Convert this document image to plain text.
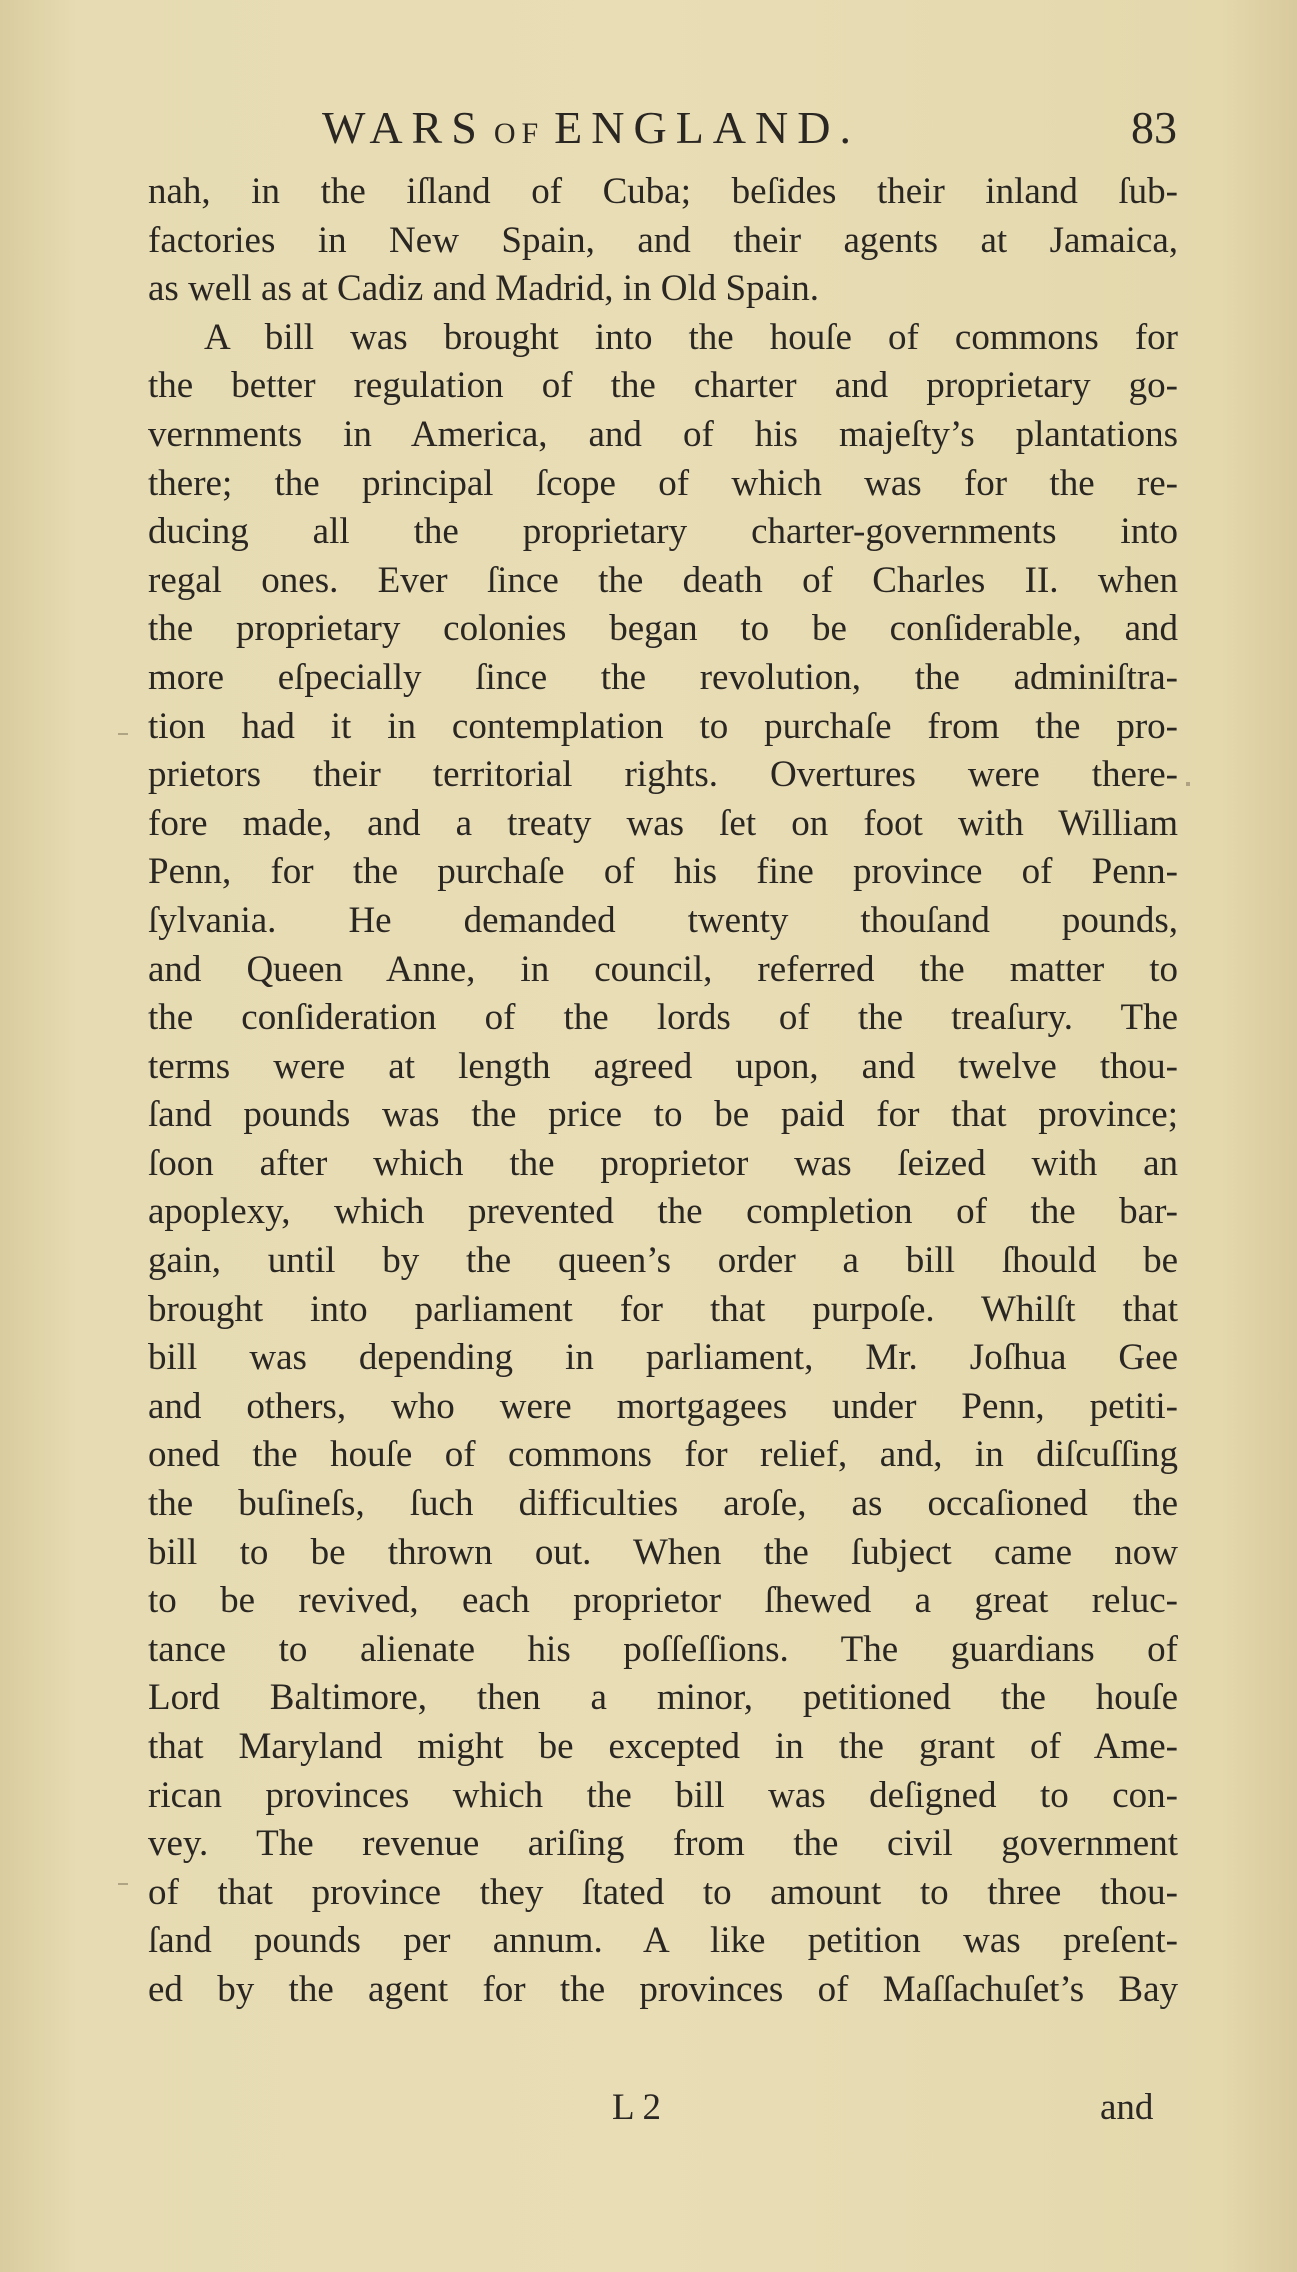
WARS OF ENGLAND.	83
nah, in the iſland of Cuba; beſides their inland ſub-
factories in New Spain, and their agents at Jamaica,
as well as at Cadiz and Madrid, in Old Spain.
A bill was brought into the houſe of commons for
the better regulation of the charter and proprietary go-
vernments in America, and of his majeſty’s plantations
there; the principal ſcope of which was for the re-
ducing all the proprietary charter-governments into
regal ones. Ever ſince the death of Charles II. when
the proprietary colonies began to be conſiderable, and
more eſpecially ſince the revolution, the adminiſtra-
tion had it in contemplation to purchaſe from the pro-
prietors their territorial rights. Overtures were there-
fore made, and a treaty was ſet on foot with William
Penn, for the purchaſe of his fine province of Penn-
ſylvania. He demanded twenty thouſand pounds,
and Queen Anne, in council, referred the matter to
the conſideration of the lords of the treaſury. The
terms were at length agreed upon, and twelve thou-
ſand pounds was the price to be paid for that province;
ſoon after which the proprietor was ſeized with an
apoplexy, which prevented the completion of the bar-
gain, until by the queen’s order a bill ſhould be
brought into parliament for that purpoſe. Whilſt that
bill was depending in parliament, Mr. Joſhua Gee
and others, who were mortgagees under Penn, petiti-
oned the houſe of commons for relief, and, in diſcuſſing
the buſineſs, ſuch difficulties aroſe, as occaſioned the
bill to be thrown out. When the ſubject came now
to be revived, each proprietor ſhewed a great reluc-
tance to alienate his poſſeſſions. The guardians of
Lord Baltimore, then a minor, petitioned the houſe
that Maryland might be excepted in the grant of Ame-
rican provinces which the bill was deſigned to con-
vey. The revenue ariſing from the civil government
of that province they ſtated to amount to three thou-
ſand pounds per annum. A like petition was preſent-
ed by the agent for the provinces of Maſſachuſet’s Bay
L 2	and
